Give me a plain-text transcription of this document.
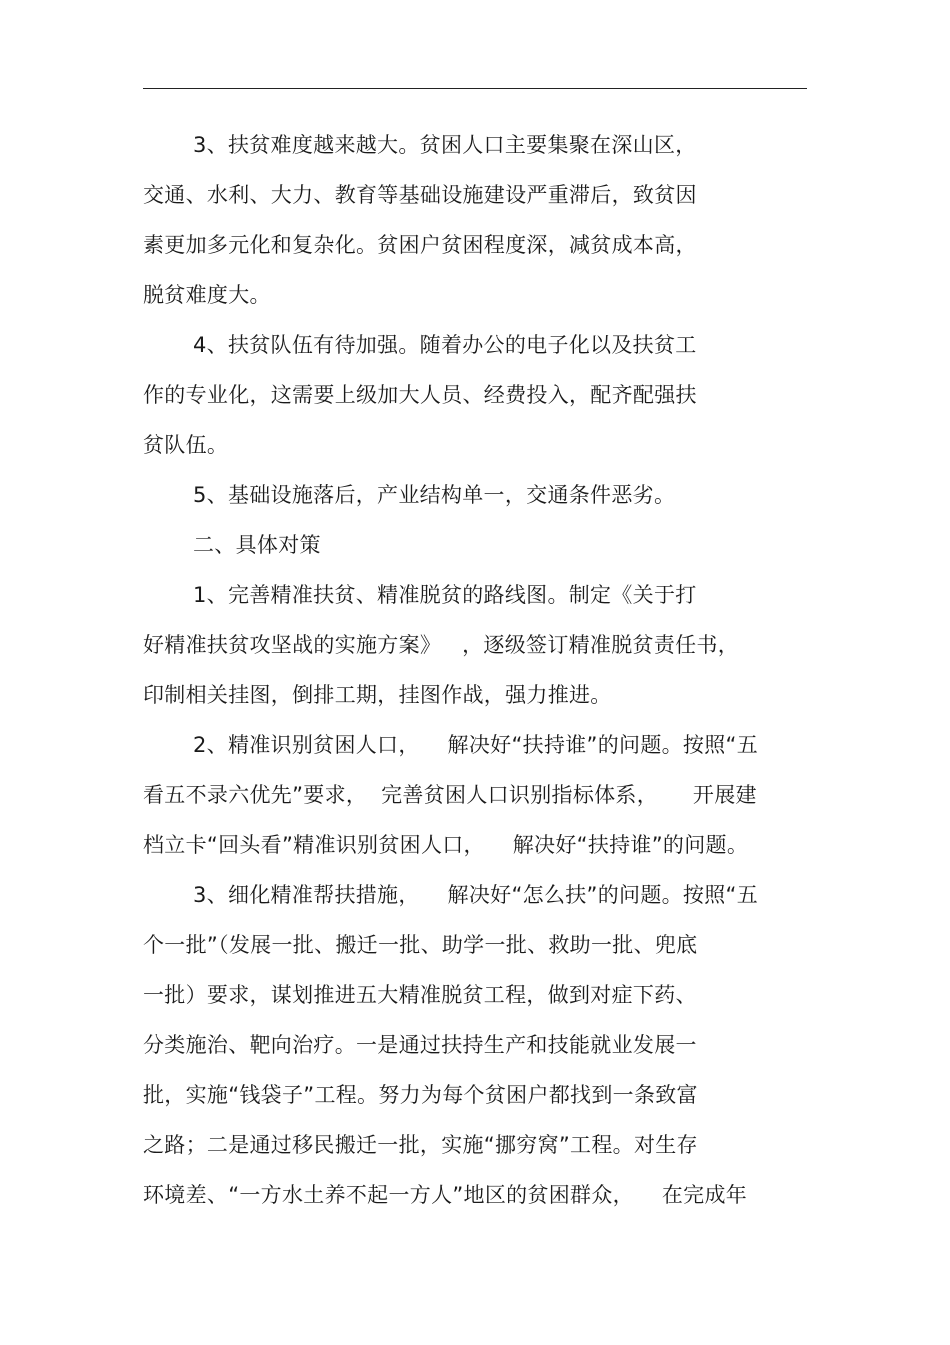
3、扶贫难度越来越大。贫困人口主要集聚在深山区，
交通、水利、大力、教育等基础设施建设严重滞后，致贫因
素更加多元化和复杂化。贫困户贫困程度深，减贫成本高，
脱贫难度大。
4、扶贫队伍有待加强。随着办公的电子化以及扶贫工
作的专业化，这需要上级加大人员、经费投入，配齐配强扶
贫队伍。
5、基础设施落后，产业结构单一，交通条件恶劣。
二、具体对策
1、完善精准扶贫、精准脱贫的路线图。制定《关于打
好精准扶贫攻坚战的实施方案》   ，逐级签订精准脱贫责任书，
印制相关挂图，倒排工期，挂图作战，强力推进。
2、精准识别贫困人口，    解决好“扶持谁”的问题。按照“五
看五不录六优先”要求，  完善贫困人口识别指标体系，     开展建
档立卡“回头看”精准识别贫困人口，    解决好“扶持谁”的问题。
3、细化精准帮扶措施，    解决好“怎么扶”的问题。按照“五
个一批”（发展一批、搬迁一批、助学一批、救助一批、兜底
一批）要求，谋划推进五大精准脱贫工程，做到对症下药、
分类施治、靶向治疗。一是通过扶持生产和技能就业发展一
批，实施“钱袋子”工程。努力为每个贫困户都找到一条致富
之路；二是通过移民搬迁一批，实施“挪穷窝”工程。对生存
环境差、“一方水土养不起一方人”地区的贫困群众，    在完成年
